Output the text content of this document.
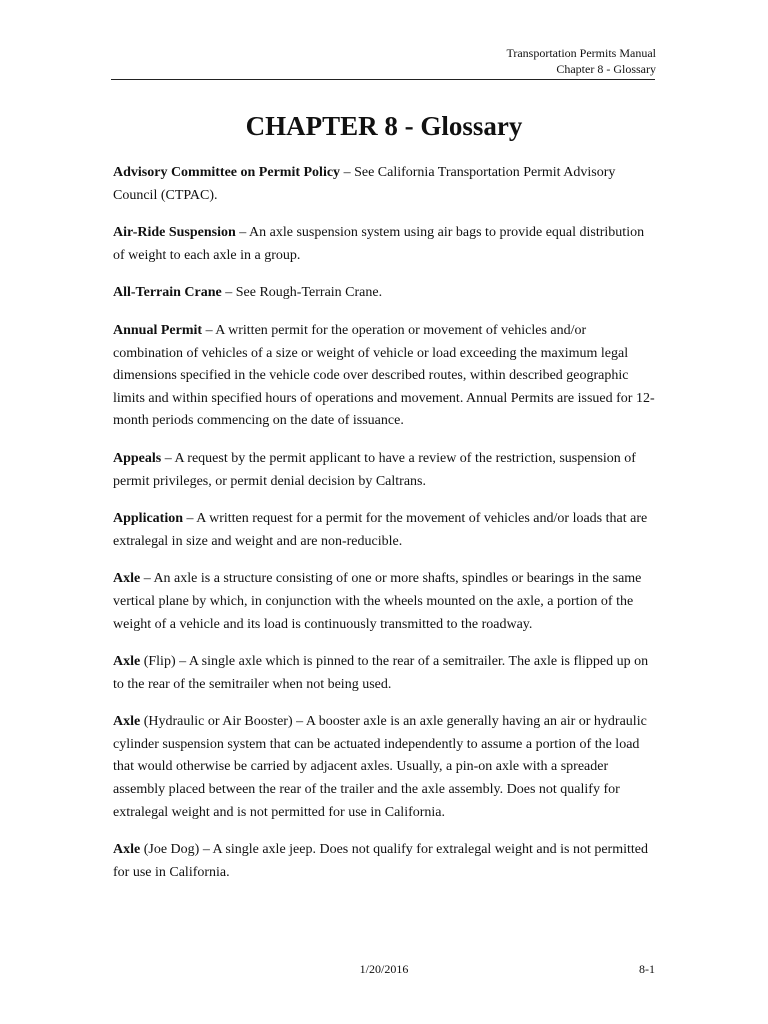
Transportation Permits Manual
Chapter 8 - Glossary
CHAPTER 8 - Glossary

Advisory Committee on Permit Policy – See California Transportation Permit Advisory Council (CTPAC).

Air-Ride Suspension – An axle suspension system using air bags to provide equal distribution of weight to each axle in a group.

All-Terrain Crane – See Rough-Terrain Crane.

Annual Permit – A written permit for the operation or movement of vehicles and/or combination of vehicles of a size or weight of vehicle or load exceeding the maximum legal dimensions specified in the vehicle code over described routes, within described geographic limits and within specified hours of operations and movement. Annual Permits are issued for 12-month periods commencing on the date of issuance.

Appeals – A request by the permit applicant to have a review of the restriction, suspension of permit privileges, or permit denial decision by Caltrans.

Application – A written request for a permit for the movement of vehicles and/or loads that are extralegal in size and weight and are non-reducible.

Axle – An axle is a structure consisting of one or more shafts, spindles or bearings in the same vertical plane by which, in conjunction with the wheels mounted on the axle, a portion of the weight of a vehicle and its load is continuously transmitted to the roadway.

Axle (Flip) – A single axle which is pinned to the rear of a semitrailer. The axle is flipped up on to the rear of the semitrailer when not being used.

Axle (Hydraulic or Air Booster) – A booster axle is an axle generally having an air or hydraulic cylinder suspension system that can be actuated independently to assume a portion of the load that would otherwise be carried by adjacent axles. Usually, a pin-on axle with a spreader assembly placed between the rear of the trailer and the axle assembly. Does not qualify for extralegal weight and is not permitted for use in California.

Axle (Joe Dog) – A single axle jeep. Does not qualify for extralegal weight and is not permitted for use in California.

1/20/2016	8-1
